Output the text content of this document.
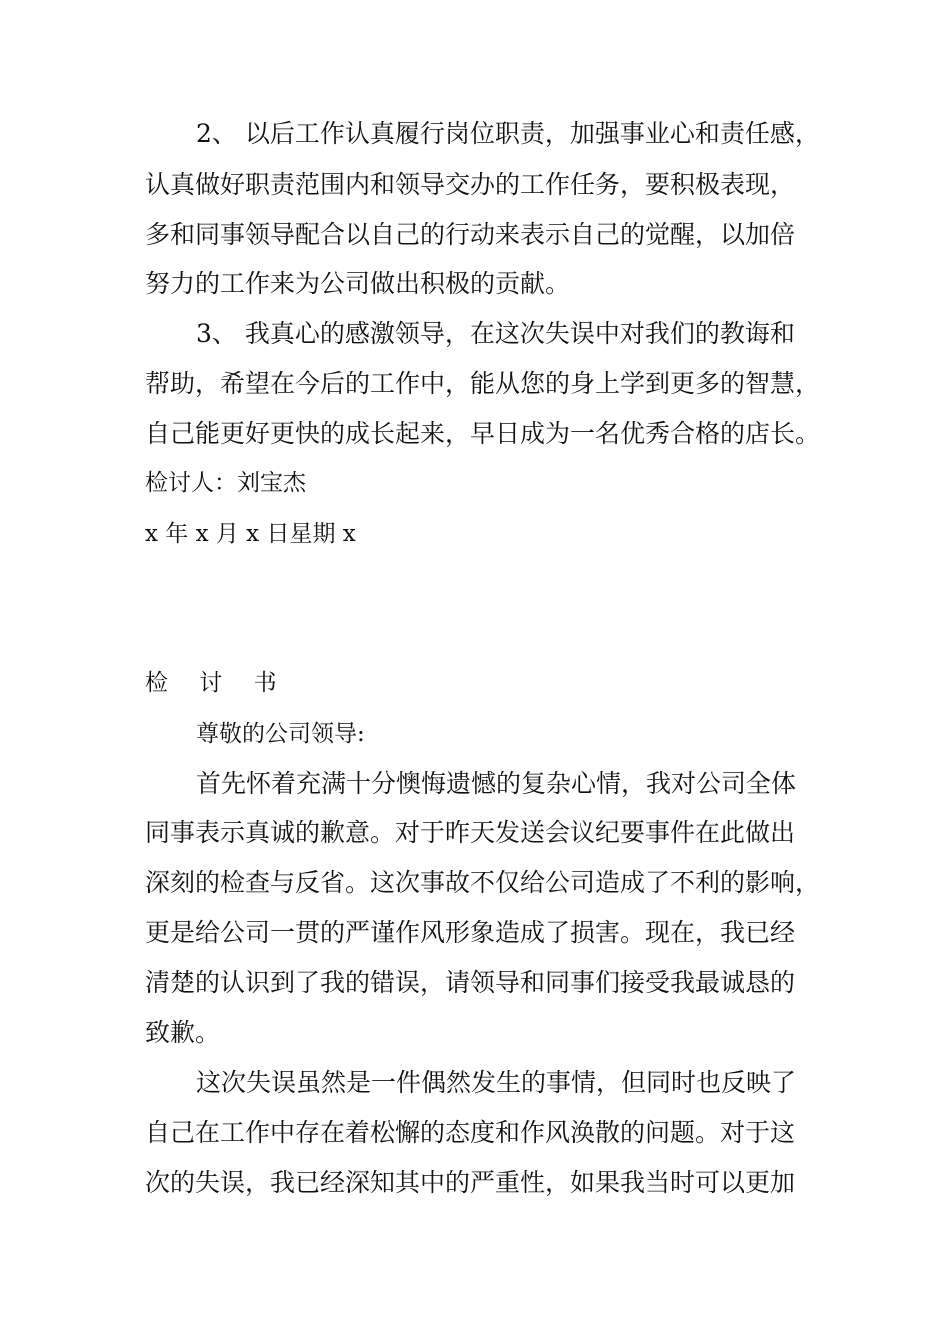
2、 以后工作认真履行岗位职责，加强事业心和责任感，
认真做好职责范围内和领导交办的工作任务，要积极表现，
多和同事领导配合以自己的行动来表示自己的觉醒，以加倍
努力的工作来为公司做出积极的贡献。
3、 我真心的感激领导，在这次失误中对我们的教诲和
帮助，希望在今后的工作中，能从您的身上学到更多的智慧，
自己能更好更快的成长起来，早日成为一名优秀合格的店长。
检讨人：刘宝杰
x 年 x 月 x 日星期 x
检 讨 书
尊敬的公司领导:
首先怀着充满十分懊悔遗憾的复杂心情，我对公司全体
同事表示真诚的歉意。对于昨天发送会议纪要事件在此做出
深刻的检查与反省。这次事故不仅给公司造成了不利的影响，
更是给公司一贯的严谨作风形象造成了损害。现在，我已经
清楚的认识到了我的错误，请领导和同事们接受我最诚恳的
致歉。
这次失误虽然是一件偶然发生的事情，但同时也反映了
自己在工作中存在着松懈的态度和作风涣散的问题。对于这
次的失误，我已经深知其中的严重性，如果我当时可以更加
